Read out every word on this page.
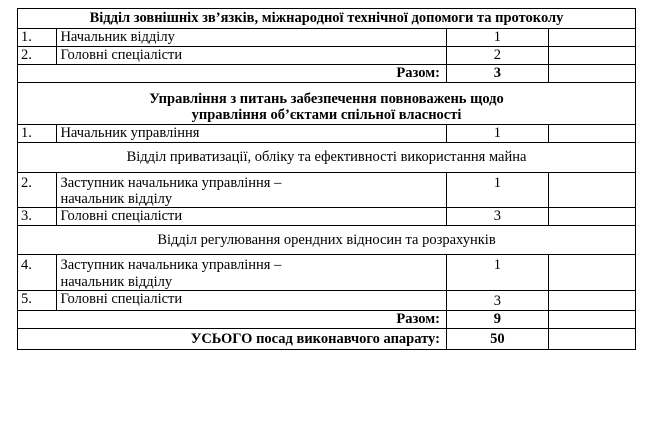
Відділ зовнішніх зв’язків, міжнародної технічної допомоги та протоколу			
1.	Начальник відділу	1	
2.	Головні спеціалісти	2	
Разом:		3	

Управління з питань забезпечення повноважень щодо
управління об’єктами спільної власності			

1.	Начальник управління	1	
Відділ приватизації, обліку та ефективності використання майна			
2.	Заступник начальника управління –
начальник відділу	1	
3.	Головні спеціалісти	3	
Відділ регулювання орендних відносин та розрахунків			
4.	Заступник начальника управління –
начальник відділу	1	
5.	Головні спеціалісти	3	
Разом:		9	
УСЬОГО посад виконавчого апарату:		50	
